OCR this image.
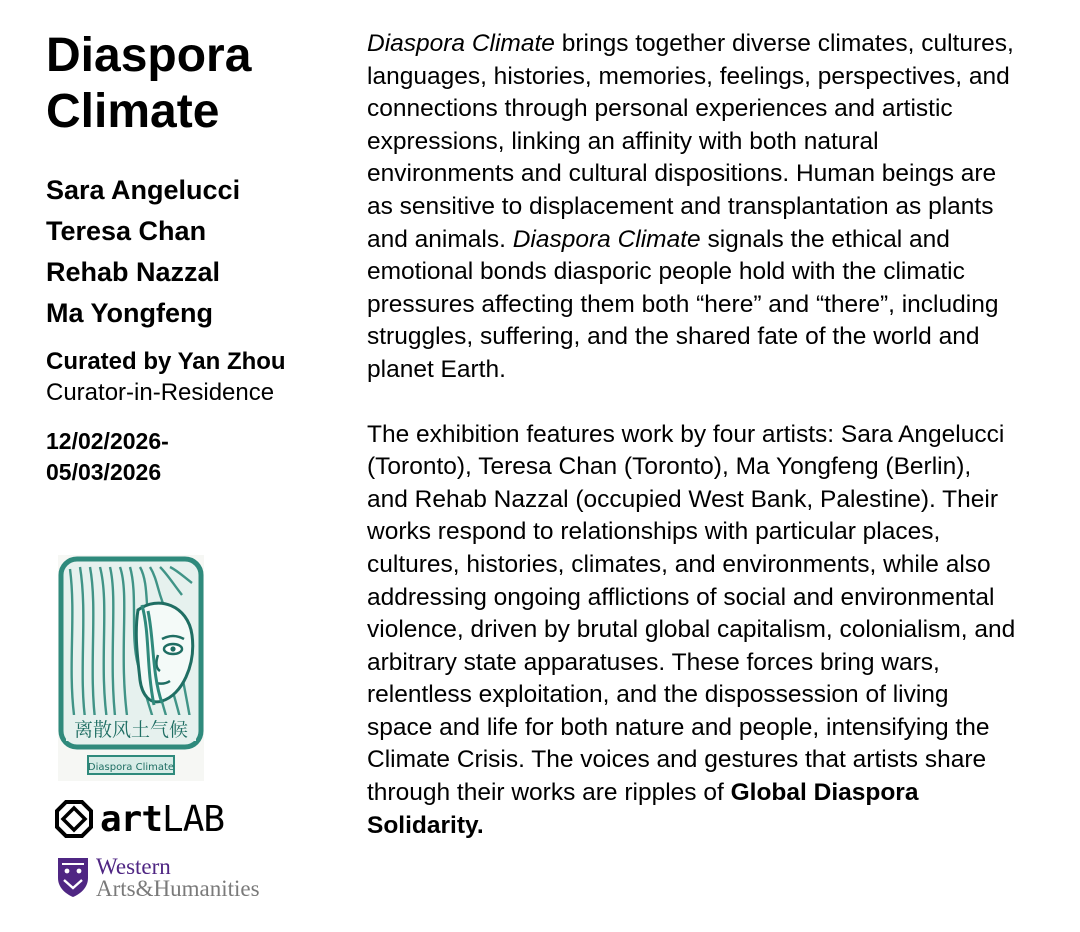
Diaspora
Climate
Sara Angelucci
Teresa Chan
Rehab Nazzal
Ma Yongfeng
Curated by Yan Zhou
Curator-in-Residence
12/02/2026-
05/03/2026
离散风土气候
Diaspora Climate
artLAB
Western
Arts&Humanities

Diaspora Climate brings together diverse climates, cultures, languages, histories, memories, feelings, perspectives, and connections through personal experiences and artistic expressions, linking an affinity with both natural environments and cultural dispositions. Human beings are as sensitive to displacement and transplantation as plants and animals. Diaspora Climate signals the ethical and emotional bonds diasporic people hold with the climatic pressures affecting them both “here” and “there”, including struggles, suffering, and the shared fate of the world and planet Earth.

The exhibition features work by four artists: Sara Angelucci (Toronto), Teresa Chan (Toronto), Ma Yongfeng (Berlin), and Rehab Nazzal (occupied West Bank, Palestine). Their works respond to relationships with particular places, cultures, histories, climates, and environments, while also addressing ongoing afflictions of social and environmental violence, driven by brutal global capitalism, colonialism, and arbitrary state apparatuses. These forces bring wars, relentless exploitation, and the dispossession of living space and life for both nature and people, intensifying the Climate Crisis. The voices and gestures that artists share through their works are ripples of Global Diaspora Solidarity.
